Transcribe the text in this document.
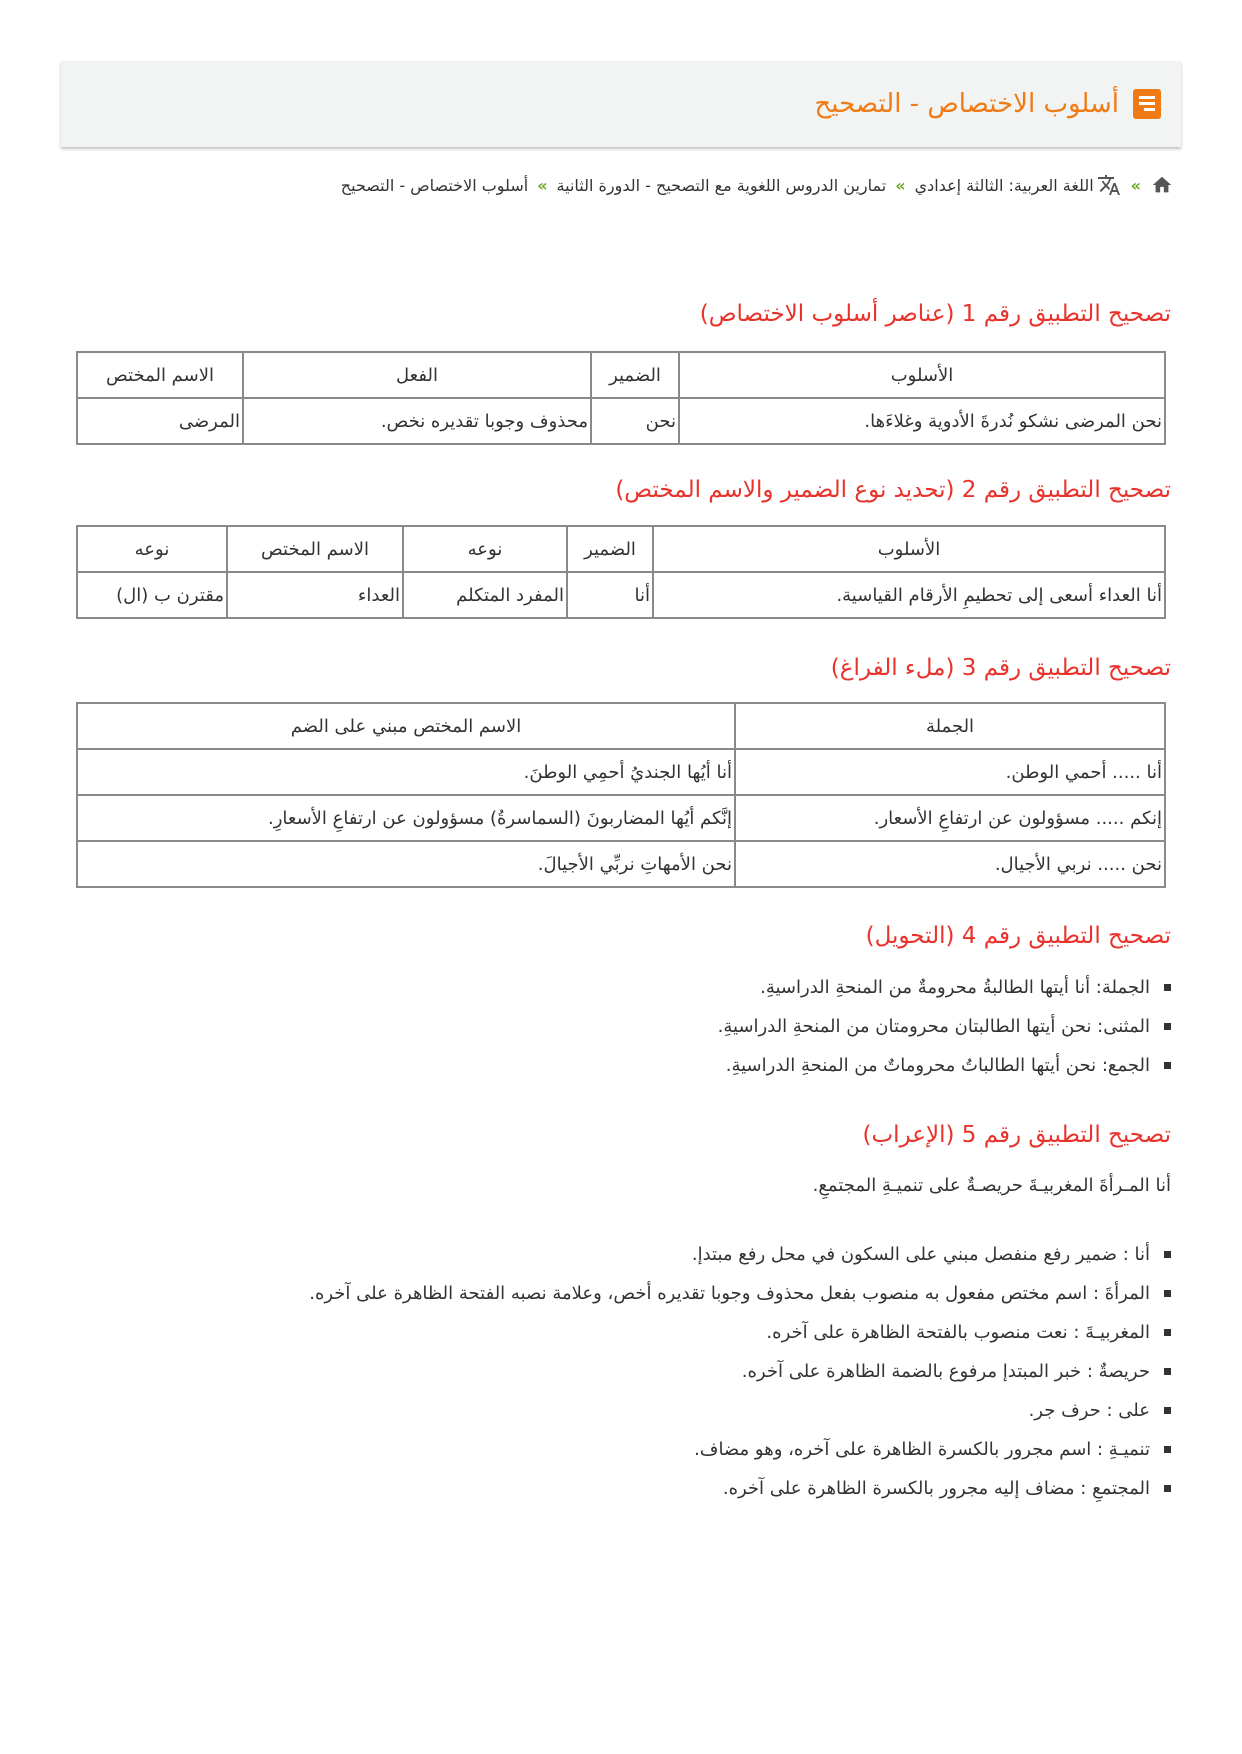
أسلوب الاختصاص - التصحيح
»
اللغة العربية: الثالثة إعدادي
»
تمارين الدروس اللغوية مع التصحيح - الدورة الثانية
»
أسلوب الاختصاص - التصحيح
تصحيح التطبيق رقم 1 (عناصر أسلوب الاختصاص)
الأسلوب	الضمير	الفعل	الاسم المختص
نحن المرضى نشكو نُدرةَ الأدوية وغلاءَها.	نحن	محذوف وجوبا تقديره نخص.	المرضى
تصحيح التطبيق رقم 2 (تحديد نوع الضمير والاسم المختص)
الأسلوب	الضمير	نوعه	الاسم المختص	نوعه
أنا العداء أسعى إلى تحطيمِ الأرقام القياسية.	أنا	المفرد المتكلم	العداء	مقترن ب (ال)
تصحيح التطبيق رقم 3 (ملء الفراغ)
الجملة	الاسم المختص مبني على الضم
أنا ..... أحمي الوطن.	أنا أيُها الجنديُ أحمِي الوطنَ.
إنكم ..... مسؤولون عن ارتفاعِ الأسعار.	إنَّكم أيُها المضاربونَ (السماسرةُ) مسؤولون عن ارتفاعِ الأسعارِ.
نحن ..... نربي الأجيال.	نحن الأمهاتِ نربِّي الأجيالَ.
تصحيح التطبيق رقم 4 (التحويل)
الجملة: أنا أيتها الطالبةُ محرومةٌ من المنحةِ الدراسيةِ.
المثنى: نحن أيتها الطالبتان محرومتان من المنحةِ الدراسيةِ.
الجمع: نحن أيتها الطالباتُ محروماتٌ من المنحةِ الدراسيةِ.
تصحيح التطبيق رقم 5 (الإعراب)

أنا المـرأةَ المغربيـةَ حريصـةٌ على تنميـةِ المجتمعِ.

أنا : ضمير رفع منفصل مبني على السكون في محل رفع مبتدإ.
المرأةَ : اسم مختص مفعول به منصوب بفعل محذوف وجوبا تقديره أخص، وعلامة نصبه الفتحة الظاهرة على آخره.
المغربيـةَ : نعت منصوب بالفتحة الظاهرة على آخره.
حريصةٌ : خبر المبتدإ مرفوع بالضمة الظاهرة على آخره.
على : حرف جر.
تنميـةِ : اسم مجرور بالكسرة الظاهرة على آخره، وهو مضاف.
المجتمعِ : مضاف إليه مجرور بالكسرة الظاهرة على آخره.
